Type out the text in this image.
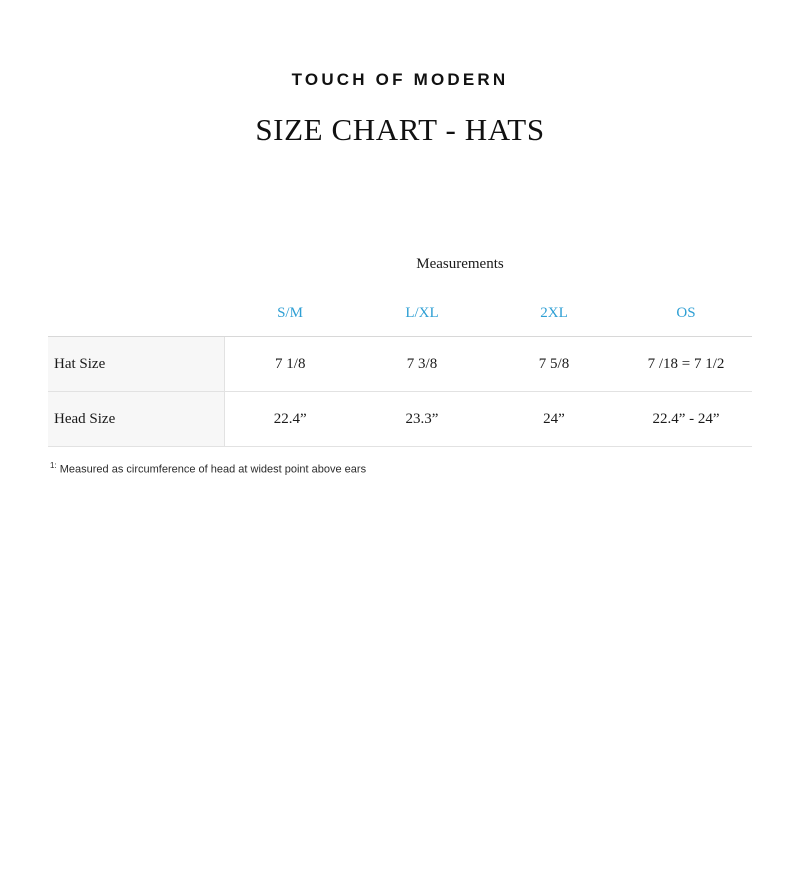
TOUCH OF MODERN
SIZE CHART - HATS
Measurements
	S/M	L/XL	2XL	OS
Hat Size	7 1/8	7 3/8	7 5/8	7 /18 = 7 1/2
Head Size	22.4”	23.3”	24”	22.4” - 24”
$^{1:}$ Measured as circumference of head at widest point above ears
